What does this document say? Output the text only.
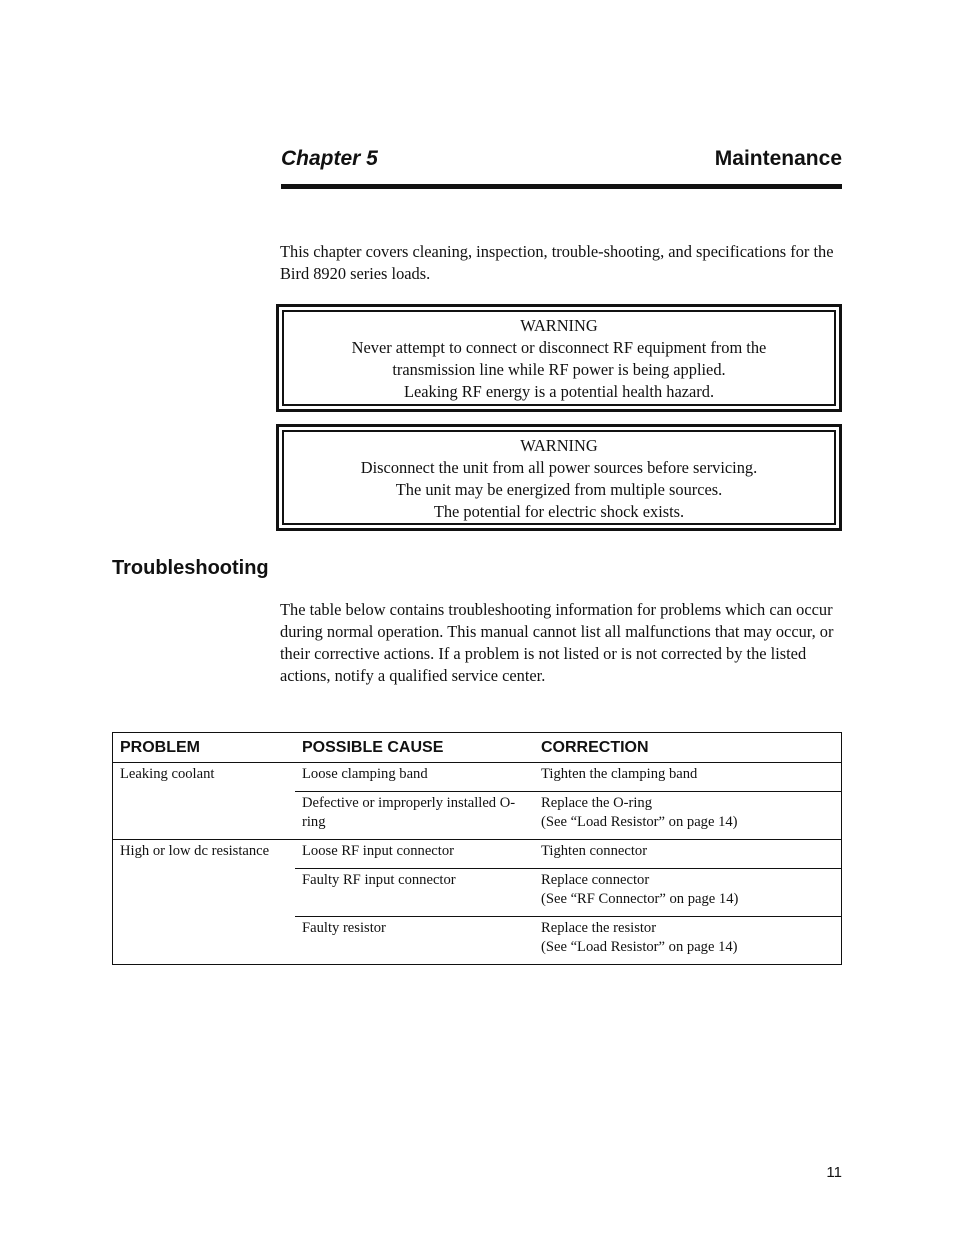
Chapter 5	Maintenance
This chapter covers cleaning, inspection, trouble-shooting, and specifications for the Bird 8920 series loads.
WARNING
Never attempt to connect or disconnect RF equipment from the
transmission line while RF power is being applied.
Leaking RF energy is a potential health hazard.
WARNING
Disconnect the unit from all power sources before servicing.
The unit may be energized from multiple sources.
The potential for electric shock exists.
Troubleshooting
The table below contains troubleshooting information for problems which can occur during normal operation. This manual cannot list all malfunctions that may occur, or their corrective actions. If a problem is not listed or is not corrected by the listed actions, notify a qualified service center.
PROBLEM	POSSIBLE CAUSE	CORRECTION
Leaking coolant	Loose clamping band	Tighten the clamping band

	Defective or improperly installed O-ring	Replace the O-ring
(See “Load Resistor” on page 14)

High or low dc resistance	Loose RF input connector	Tighten connector

	Faulty RF input connector	Replace connector
(See “RF Connector” on page 14)

	Faulty resistor	Replace the resistor
(See “Load Resistor” on page 14)
11
